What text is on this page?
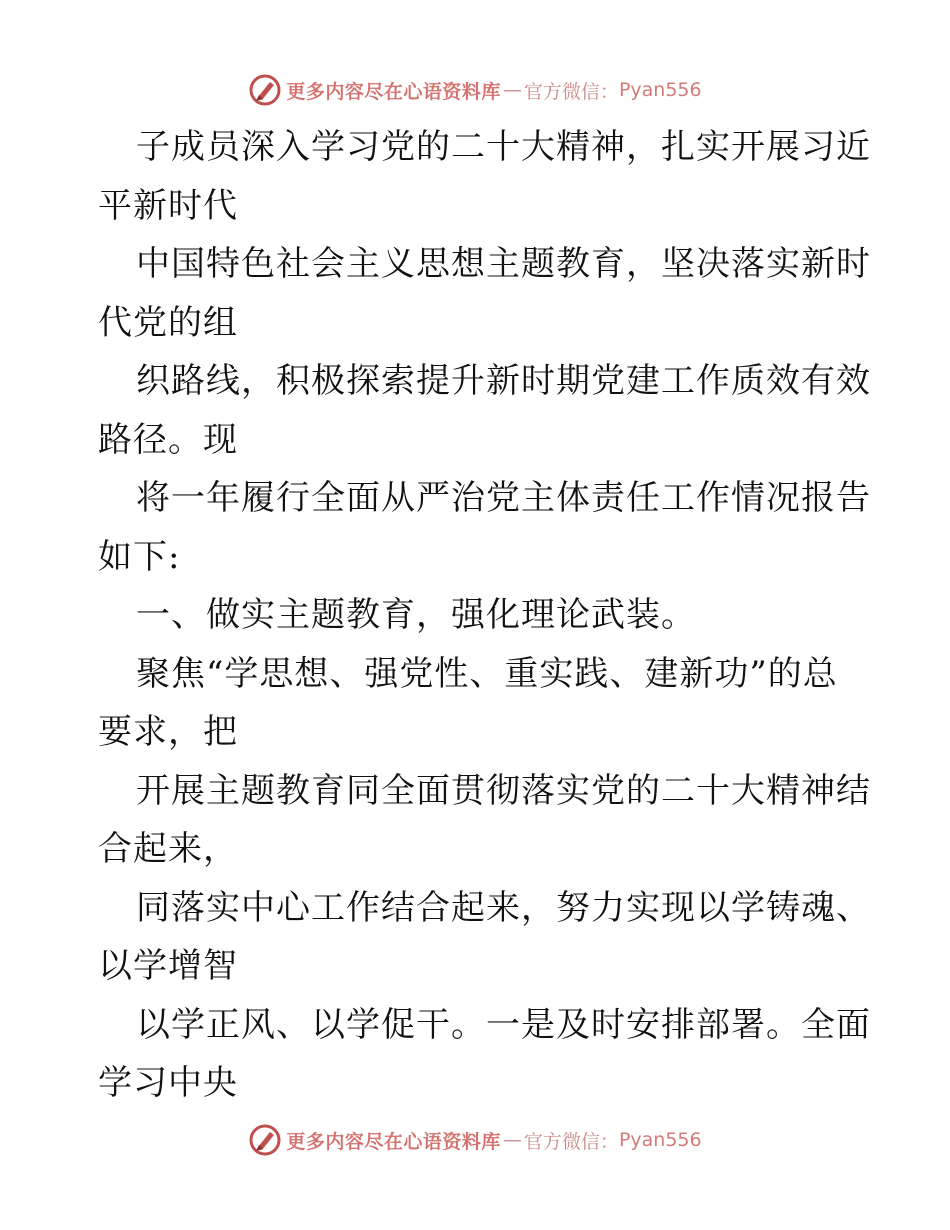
更多内容尽在心语资料库 — 官方微信： Pyan556
子成员深入学习党的二十大精神，扎实开展习近
平新时代
中国特色社会主义思想主题教育，坚决落实新时
代党的组
织路线，积极探索提升新时期党建工作质效有效
路径。现
将一年履行全面从严治党主体责任工作情况报告
如下:
一、做实主题教育，强化理论武装。
聚焦“学思想、强党性、重实践、建新功”的总
要求，把
开展主题教育同全面贯彻落实党的二十大精神结
合起来，
同落实中心工作结合起来，努力实现以学铸魂、
以学增智
以学正风、以学促干。一是及时安排部署。全面
学习中央
更多内容尽在心语资料库 — 官方微信： Pyan556
